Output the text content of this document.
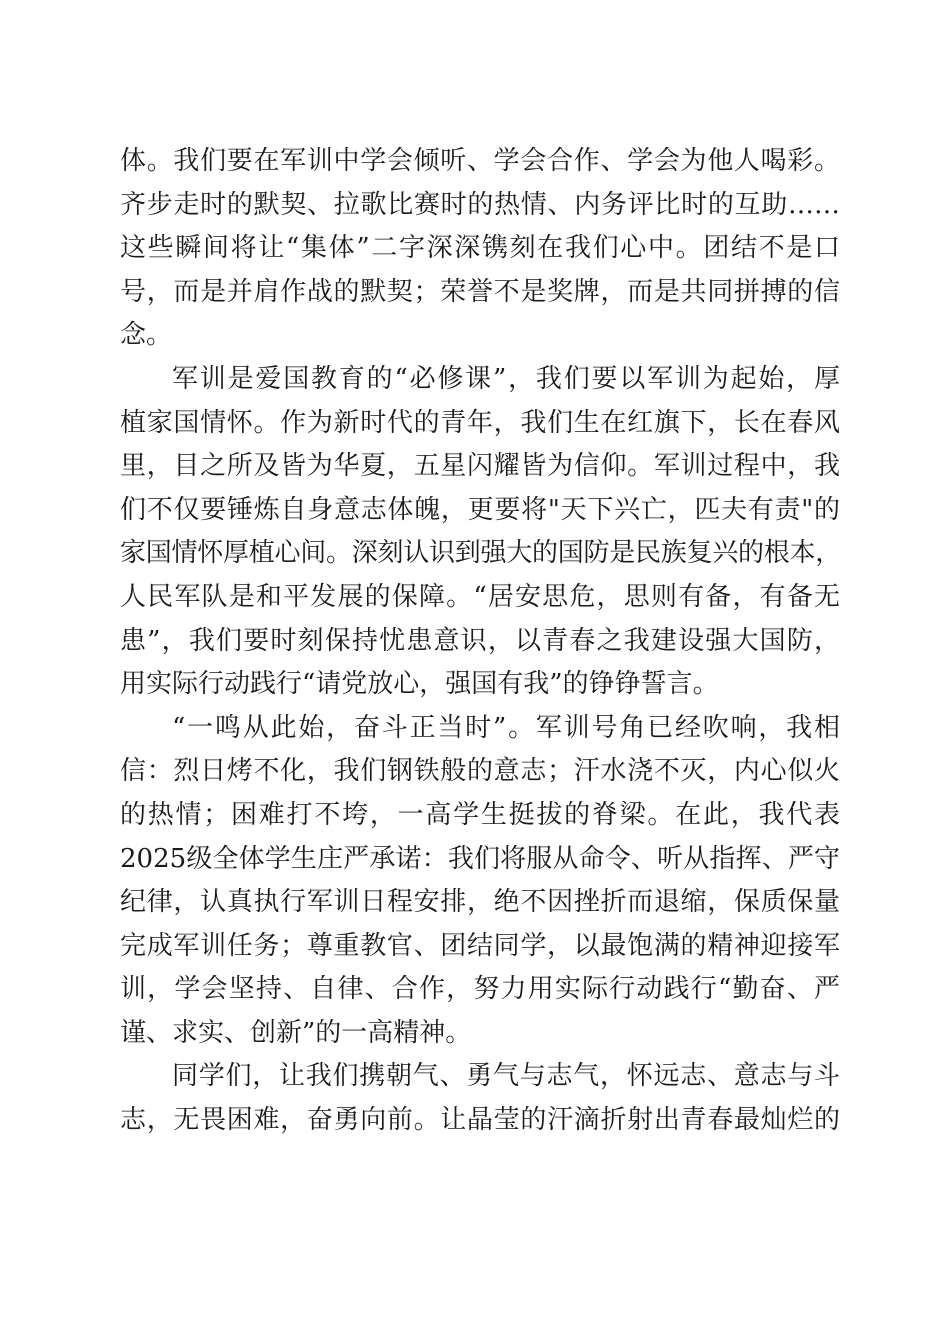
体。我们要在军训中学会倾听、学会合作、学会为他人喝彩。
齐步走时的默契、拉歌比赛时的热情、内务评比时的互助……
这些瞬间将让“集体”二字深深镌刻在我们心中。团结不是口
号，而是并肩作战的默契；荣誉不是奖牌，而是共同拼搏的信
念。
军训是爱国教育的“必修课”，我们要以军训为起始，厚
植家国情怀。作为新时代的青年，我们生在红旗下，长在春风
里，目之所及皆为华夏，五星闪耀皆为信仰。军训过程中，我
们不仅要锤炼自身意志体魄，更要将"天下兴亡，匹夫有责"的
家国情怀厚植心间。深刻认识到强大的国防是民族复兴的根本，
人民军队是和平发展的保障。“居安思危，思则有备，有备无
患”，我们要时刻保持忧患意识，以青春之我建设强大国防，
用实际行动践行“请党放心，强国有我”的铮铮誓言。
“一鸣从此始，奋斗正当时”。军训号角已经吹响，我相
信：烈日烤不化，我们钢铁般的意志；汗水浇不灭，内心似火
的热情；困难打不垮，一高学生挺拔的脊梁。在此，我代表
2025级全体学生庄严承诺：我们将服从命令、听从指挥、严守
纪律，认真执行军训日程安排，绝不因挫折而退缩，保质保量
完成军训任务；尊重教官、团结同学，以最饱满的精神迎接军
训，学会坚持、自律、合作，努力用实际行动践行“勤奋、严
谨、求实、创新”的一高精神。
同学们，让我们携朝气、勇气与志气，怀远志、意志与斗
志，无畏困难，奋勇向前。让晶莹的汗滴折射出青春最灿烂的
